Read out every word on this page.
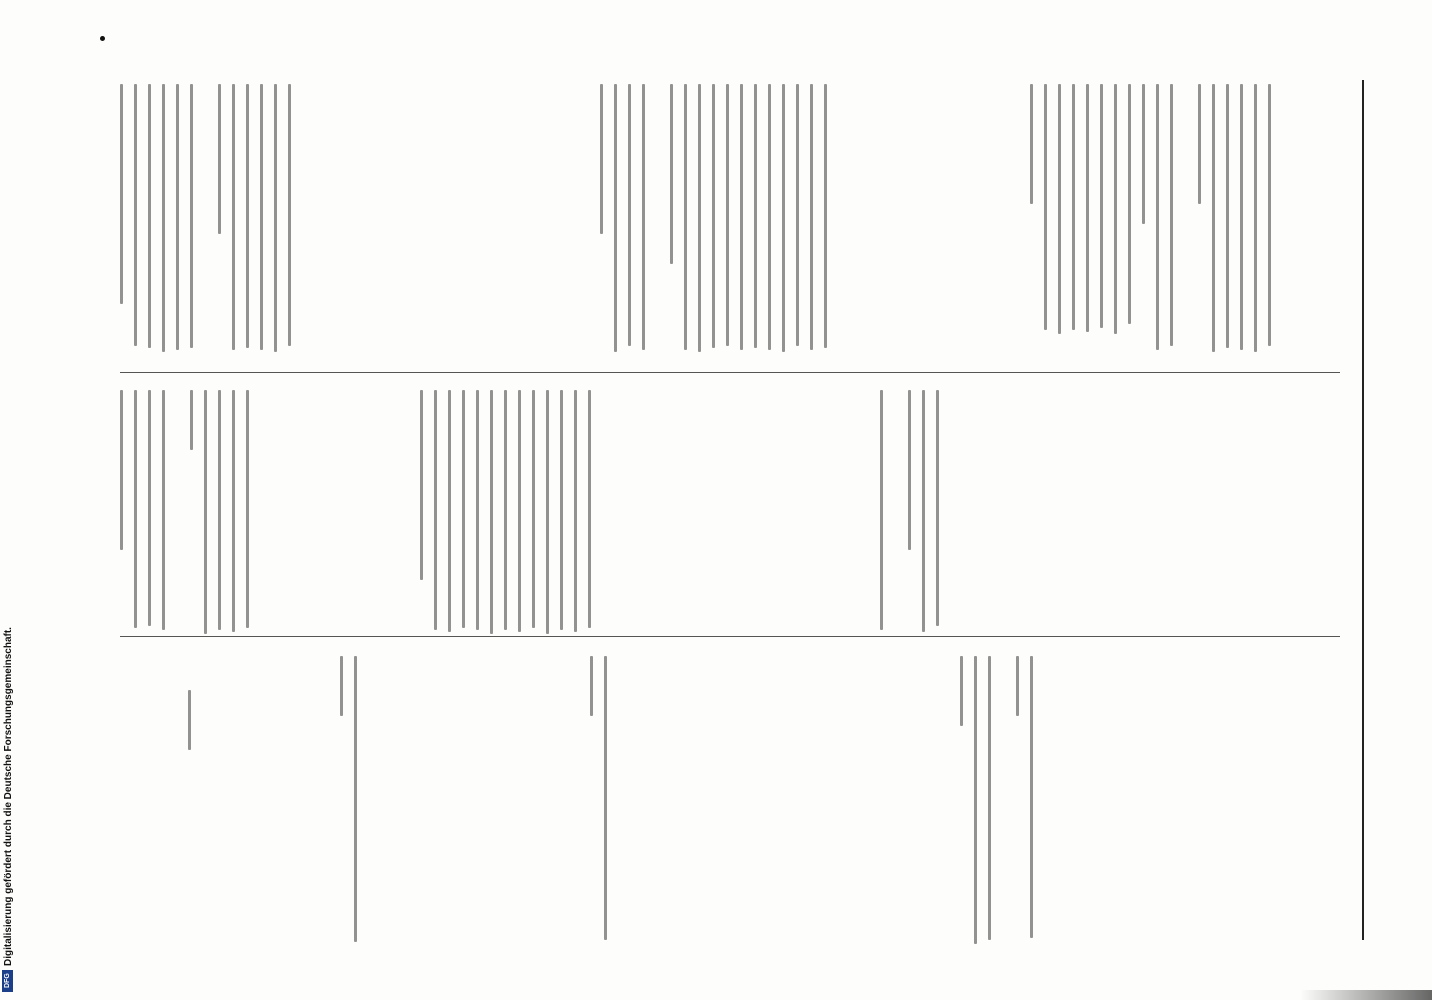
Digitalisierung gefördert durch die Deutsche Forschungsgemeinschaft.
DFG
